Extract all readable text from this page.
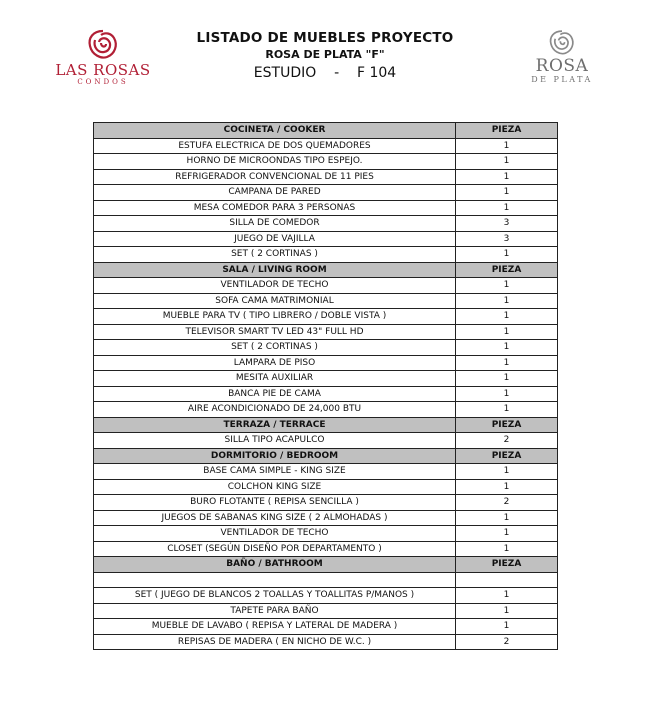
LAS ROSAS
CONDOS
LISTADO DE MUEBLES PROYECTO
ROSA DE PLATA "F"
ESTUDIO - F 104	ROSA
DE PLATA
COCINETA / COOKER	PIEZA
ESTUFA ELECTRICA DE DOS QUEMADORES	1
HORNO DE MICROONDAS TIPO ESPEJO.	1
REFRIGERADOR CONVENCIONAL DE 11 PIES	1
CAMPANA DE PARED	1
MESA COMEDOR PARA 3 PERSONAS	1
SILLA DE COMEDOR	3
JUEGO DE VAJILLA	3
SET ( 2 CORTINAS )	1
SALA / LIVING ROOM	PIEZA
VENTILADOR DE TECHO	1
SOFA CAMA MATRIMONIAL	1
MUEBLE PARA TV ( TIPO LIBRERO / DOBLE VISTA )	1
TELEVISOR SMART TV LED 43" FULL HD	1
SET ( 2 CORTINAS )	1
LAMPARA DE PISO	1
MESITA AUXILIAR	1
BANCA PIE DE CAMA	1
AIRE ACONDICIONADO DE 24,000 BTU	1
TERRAZA / TERRACE	PIEZA
SILLA TIPO ACAPULCO	2
DORMITORIO / BEDROOM	PIEZA
BASE CAMA SIMPLE - KING SIZE	1
COLCHON KING SIZE	1
BURO FLOTANTE ( REPISA SENCILLA )	2
JUEGOS DE SABANAS KING SIZE ( 2 ALMOHADAS )	1
VENTILADOR DE TECHO	1
CLOSET (SEGÚN DISEÑO POR DEPARTAMENTO )	1
BAÑO / BATHROOM	PIEZA

SET ( JUEGO DE BLANCOS 2 TOALLAS Y TOALLITAS P/MANOS )	1
TAPETE PARA BAÑO	1
MUEBLE DE LAVABO ( REPISA Y LATERAL DE MADERA )	1
REPISAS DE MADERA ( EN NICHO DE W.C. )	2
